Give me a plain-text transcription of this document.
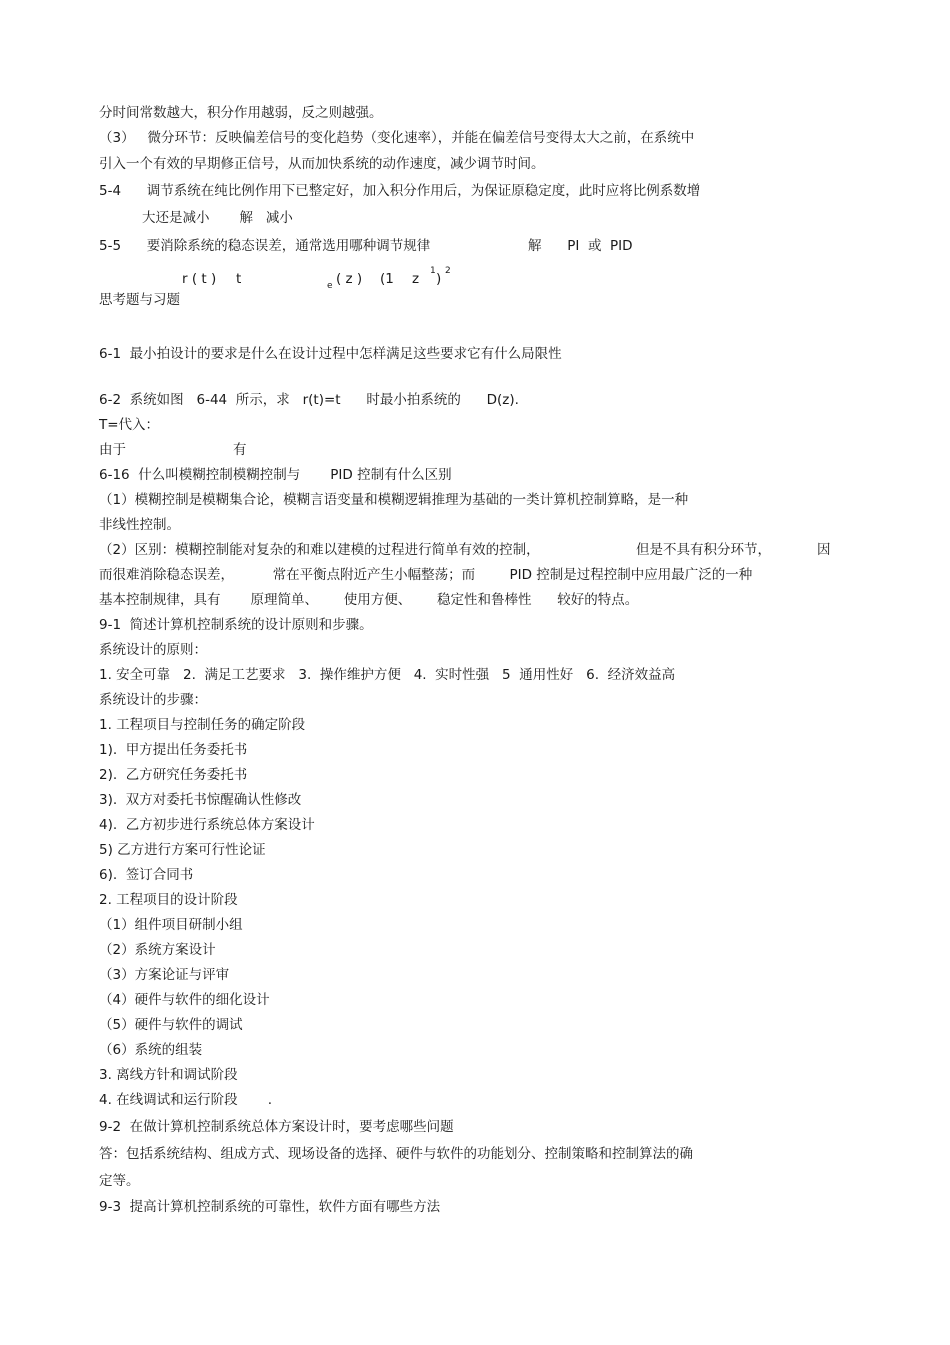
分时间常数越大，积分作用越弱，反之则越强。
（3）   微分环节：反映偏差信号的变化趋势（变化速率），并能在偏差信号变得太大之前，在系统中
引入一个有效的早期修正信号，从而加快系统的动作速度，减少调节时间。
5-4      调节系统在纯比例作用下已整定好，加入积分作用后，为保证原稳定度，此时应将比例系数增
大还是减小       解   减小
5-5      要消除系统的稳态误差，通常选用哪种调节规律	解      PI  或  PID
r ( t ) t	e ( z ) (1 z 1 ) 2
思考题与习题
6-1  最小拍设计的要求是什么在设计过程中怎样满足这些要求它有什么局限性
6-2  系统如图   6-44  所示，求   r(t)=t      时最小拍系统的      D(z).
T=代入：
由于	有
6-16  什么叫模糊控制模糊控制与       PID 控制有什么区别
（1）模糊控制是模糊集合论，模糊言语变量和模糊逻辑推理为基础的一类计算机控制算略，是一种
非线性控制。
（2）区别：模糊控制能对复杂的和难以建模的过程进行简单有效的控制，	但是不具有积分环节，	因
而很难消除稳态误差，         常在平衡点附近产生小幅整荡；而        PID 控制是过程控制中应用最广泛的一种
基本控制规律，具有       原理简单、      使用方便、      稳定性和鲁棒性      较好的特点。
9-1  简述计算机控制系统的设计原则和步骤。
系统设计的原则：
1. 安全可靠   2.  满足工艺要求   3.  操作维护方便   4.  实时性强   5  通用性好   6.  经济效益高
系统设计的步骤：
1. 工程项目与控制任务的确定阶段
1).  甲方提出任务委托书
2).  乙方研究任务委托书
3).  双方对委托书惊醒确认性修改
4).  乙方初步进行系统总体方案设计
5) 乙方进行方案可行性论证
6).  签订合同书
2. 工程项目的设计阶段
（1）组件项目研制小组
（2）系统方案设计
（3）方案论证与评审
（4）硬件与软件的细化设计
（5）硬件与软件的调试
（6）系统的组装
3. 离线方针和调试阶段
4. 在线调试和运行阶段       .
9-2  在做计算机控制系统总体方案设计时，要考虑哪些问题
答：包括系统结构、组成方式、现场设备的选择、硬件与软件的功能划分、控制策略和控制算法的确
定等。
9-3  提高计算机控制系统的可靠性，软件方面有哪些方法
